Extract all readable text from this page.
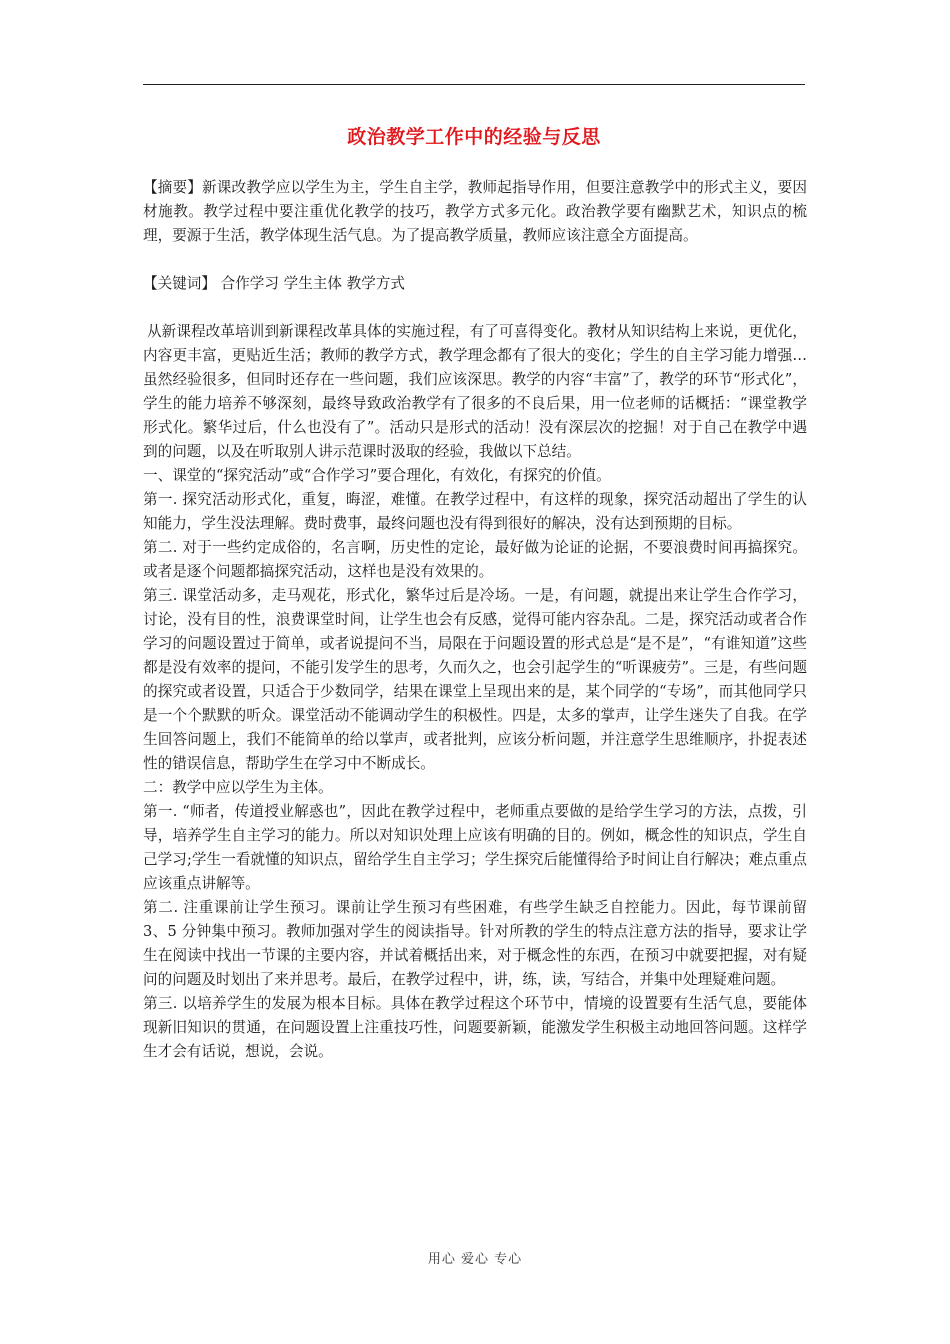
政治教学工作中的经验与反思

【摘要】新课改教学应以学生为主，学生自主学，教师起指导作用，但要注意教学中的形式主义，要因材施教。教学过程中要注重优化教学的技巧，教学方式多元化。政治教学要有幽默艺术，知识点的梳理，要源于生活，教学体现生活气息。为了提高教学质量，教师应该注意全方面提高。

【关键词】 合作学习 学生主体 教学方式

从新课程改革培训到新课程改革具体的实施过程，有了可喜得变化。教材从知识结构上来说，更优化，内容更丰富，更贴近生活；教师的教学方式，教学理念都有了很大的变化；学生的自主学习能力增强…虽然经验很多，但同时还存在一些问题，我们应该深思。教学的内容“丰富”了，教学的环节“形式化”，学生的能力培养不够深刻，最终导致政治教学有了很多的不良后果，用一位老师的话概括：“课堂教学形式化。繁华过后，什么也没有了”。活动只是形式的活动！没有深层次的挖掘！对于自己在教学中遇到的问题，以及在听取别人讲示范课时汲取的经验，我做以下总结。

一、课堂的“探究活动”或“合作学习”要合理化，有效化，有探究的价值。

第一. 探究活动形式化，重复，晦涩，难懂。在教学过程中，有这样的现象，探究活动超出了学生的认知能力，学生没法理解。费时费事，最终问题也没有得到很好的解决，没有达到预期的目标。

第二. 对于一些约定成俗的，名言啊，历史性的定论，最好做为论证的论据，不要浪费时间再搞探究。或者是逐个问题都搞探究活动，这样也是没有效果的。

第三. 课堂活动多，走马观花，形式化，繁华过后是冷场。一是，有问题，就提出来让学生合作学习，讨论，没有目的性，浪费课堂时间，让学生也会有反感，觉得可能内容杂乱。二是，探究活动或者合作学习的问题设置过于简单，或者说提问不当，局限在于问题设置的形式总是“是不是”，“有谁知道”这些都是没有效率的提问，不能引发学生的思考，久而久之，也会引起学生的“听课疲劳”。三是，有些问题的探究或者设置，只适合于少数同学，结果在课堂上呈现出来的是，某个同学的“专场”，而其他同学只是一个个默默的听众。课堂活动不能调动学生的积极性。四是，太多的掌声，让学生迷失了自我。在学生回答问题上，我们不能简单的给以掌声，或者批判，应该分析问题，并注意学生思维顺序，扑捉表述性的错误信息，帮助学生在学习中不断成长。

二：教学中应以学生为主体。

第一. “师者，传道授业解惑也”，因此在教学过程中，老师重点要做的是给学生学习的方法，点拨，引导，培养学生自主学习的能力。所以对知识处理上应该有明确的目的。例如，概念性的知识点，学生自己学习;学生一看就懂的知识点，留给学生自主学习；学生探究后能懂得给予时间让自行解决；难点重点应该重点讲解等。

第二. 注重课前让学生预习。课前让学生预习有些困难，有些学生缺乏自控能力。因此，每节课前留 3、5 分钟集中预习。教师加强对学生的阅读指导。针对所教的学生的特点注意方法的指导，要求让学生在阅读中找出一节课的主要内容，并试着概括出来，对于概念性的东西，在预习中就要把握，对有疑问的问题及时划出了来并思考。最后，在教学过程中，讲，练，读，写结合，并集中处理疑难问题。

第三. 以培养学生的发展为根本目标。具体在教学过程这个环节中，情境的设置要有生活气息，要能体现新旧知识的贯通，在问题设置上注重技巧性，问题要新颖，能激发学生积极主动地回答问题。这样学生才会有话说，想说，会说。

用心 爱心 专心
